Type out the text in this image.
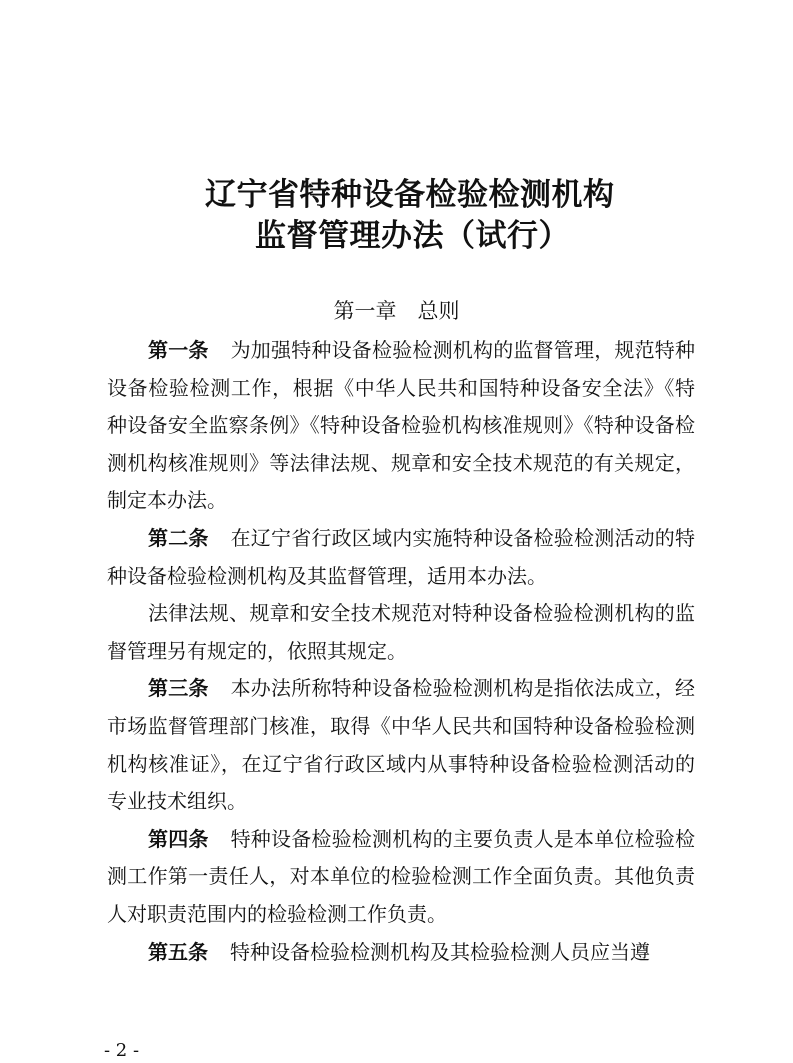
辽宁省特种设备检验检测机构
监督管理办法（试行）
第一章　总则

第一条 为加强特种设备检验检测机构的监督管理，规范特种设备检验检测工作，根据《中华人民共和国特种设备安全法》《特种设备安全监察条例》《特种设备检验机构核准规则》《特种设备检测机构核准规则》等法律法规、规章和安全技术规范的有关规定，制定本办法。

第二条 在辽宁省行政区域内实施特种设备检验检测活动的特种设备检验检测机构及其监督管理，适用本办法。

法律法规、规章和安全技术规范对特种设备检验检测机构的监督管理另有规定的，依照其规定。

第三条 本办法所称特种设备检验检测机构是指依法成立，经市场监督管理部门核准，取得《中华人民共和国特种设备检验检测机构核准证》，在辽宁省行政区域内从事特种设备检验检测活动的专业技术组织。

第四条 特种设备检验检测机构的主要负责人是本单位检验检测工作第一责任人，对本单位的检验检测工作全面负责。其他负责人对职责范围内的检验检测工作负责。

第五条 特种设备检验检测机构及其检验检测人员应当遵

- 2 -
